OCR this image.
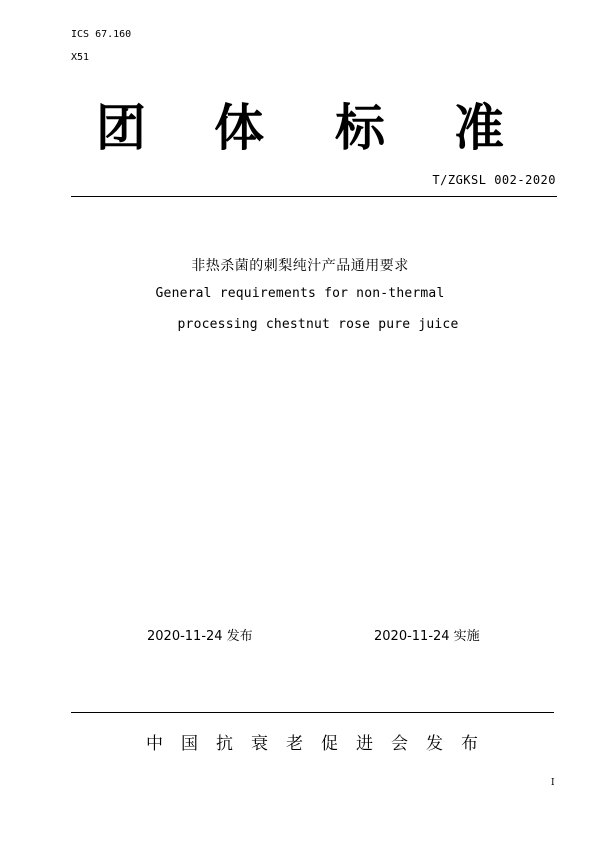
ICS 67.160
X51
团 体 标 准
T/ZGKSL 002-2020
非热杀菌的刺梨纯汁产品通用要求
General requirements for non-thermal
processing chestnut rose pure juice
2020-11-24 发布	2020-11-24 实施
中 国 抗 衰 老 促 进 会 发 布
I
